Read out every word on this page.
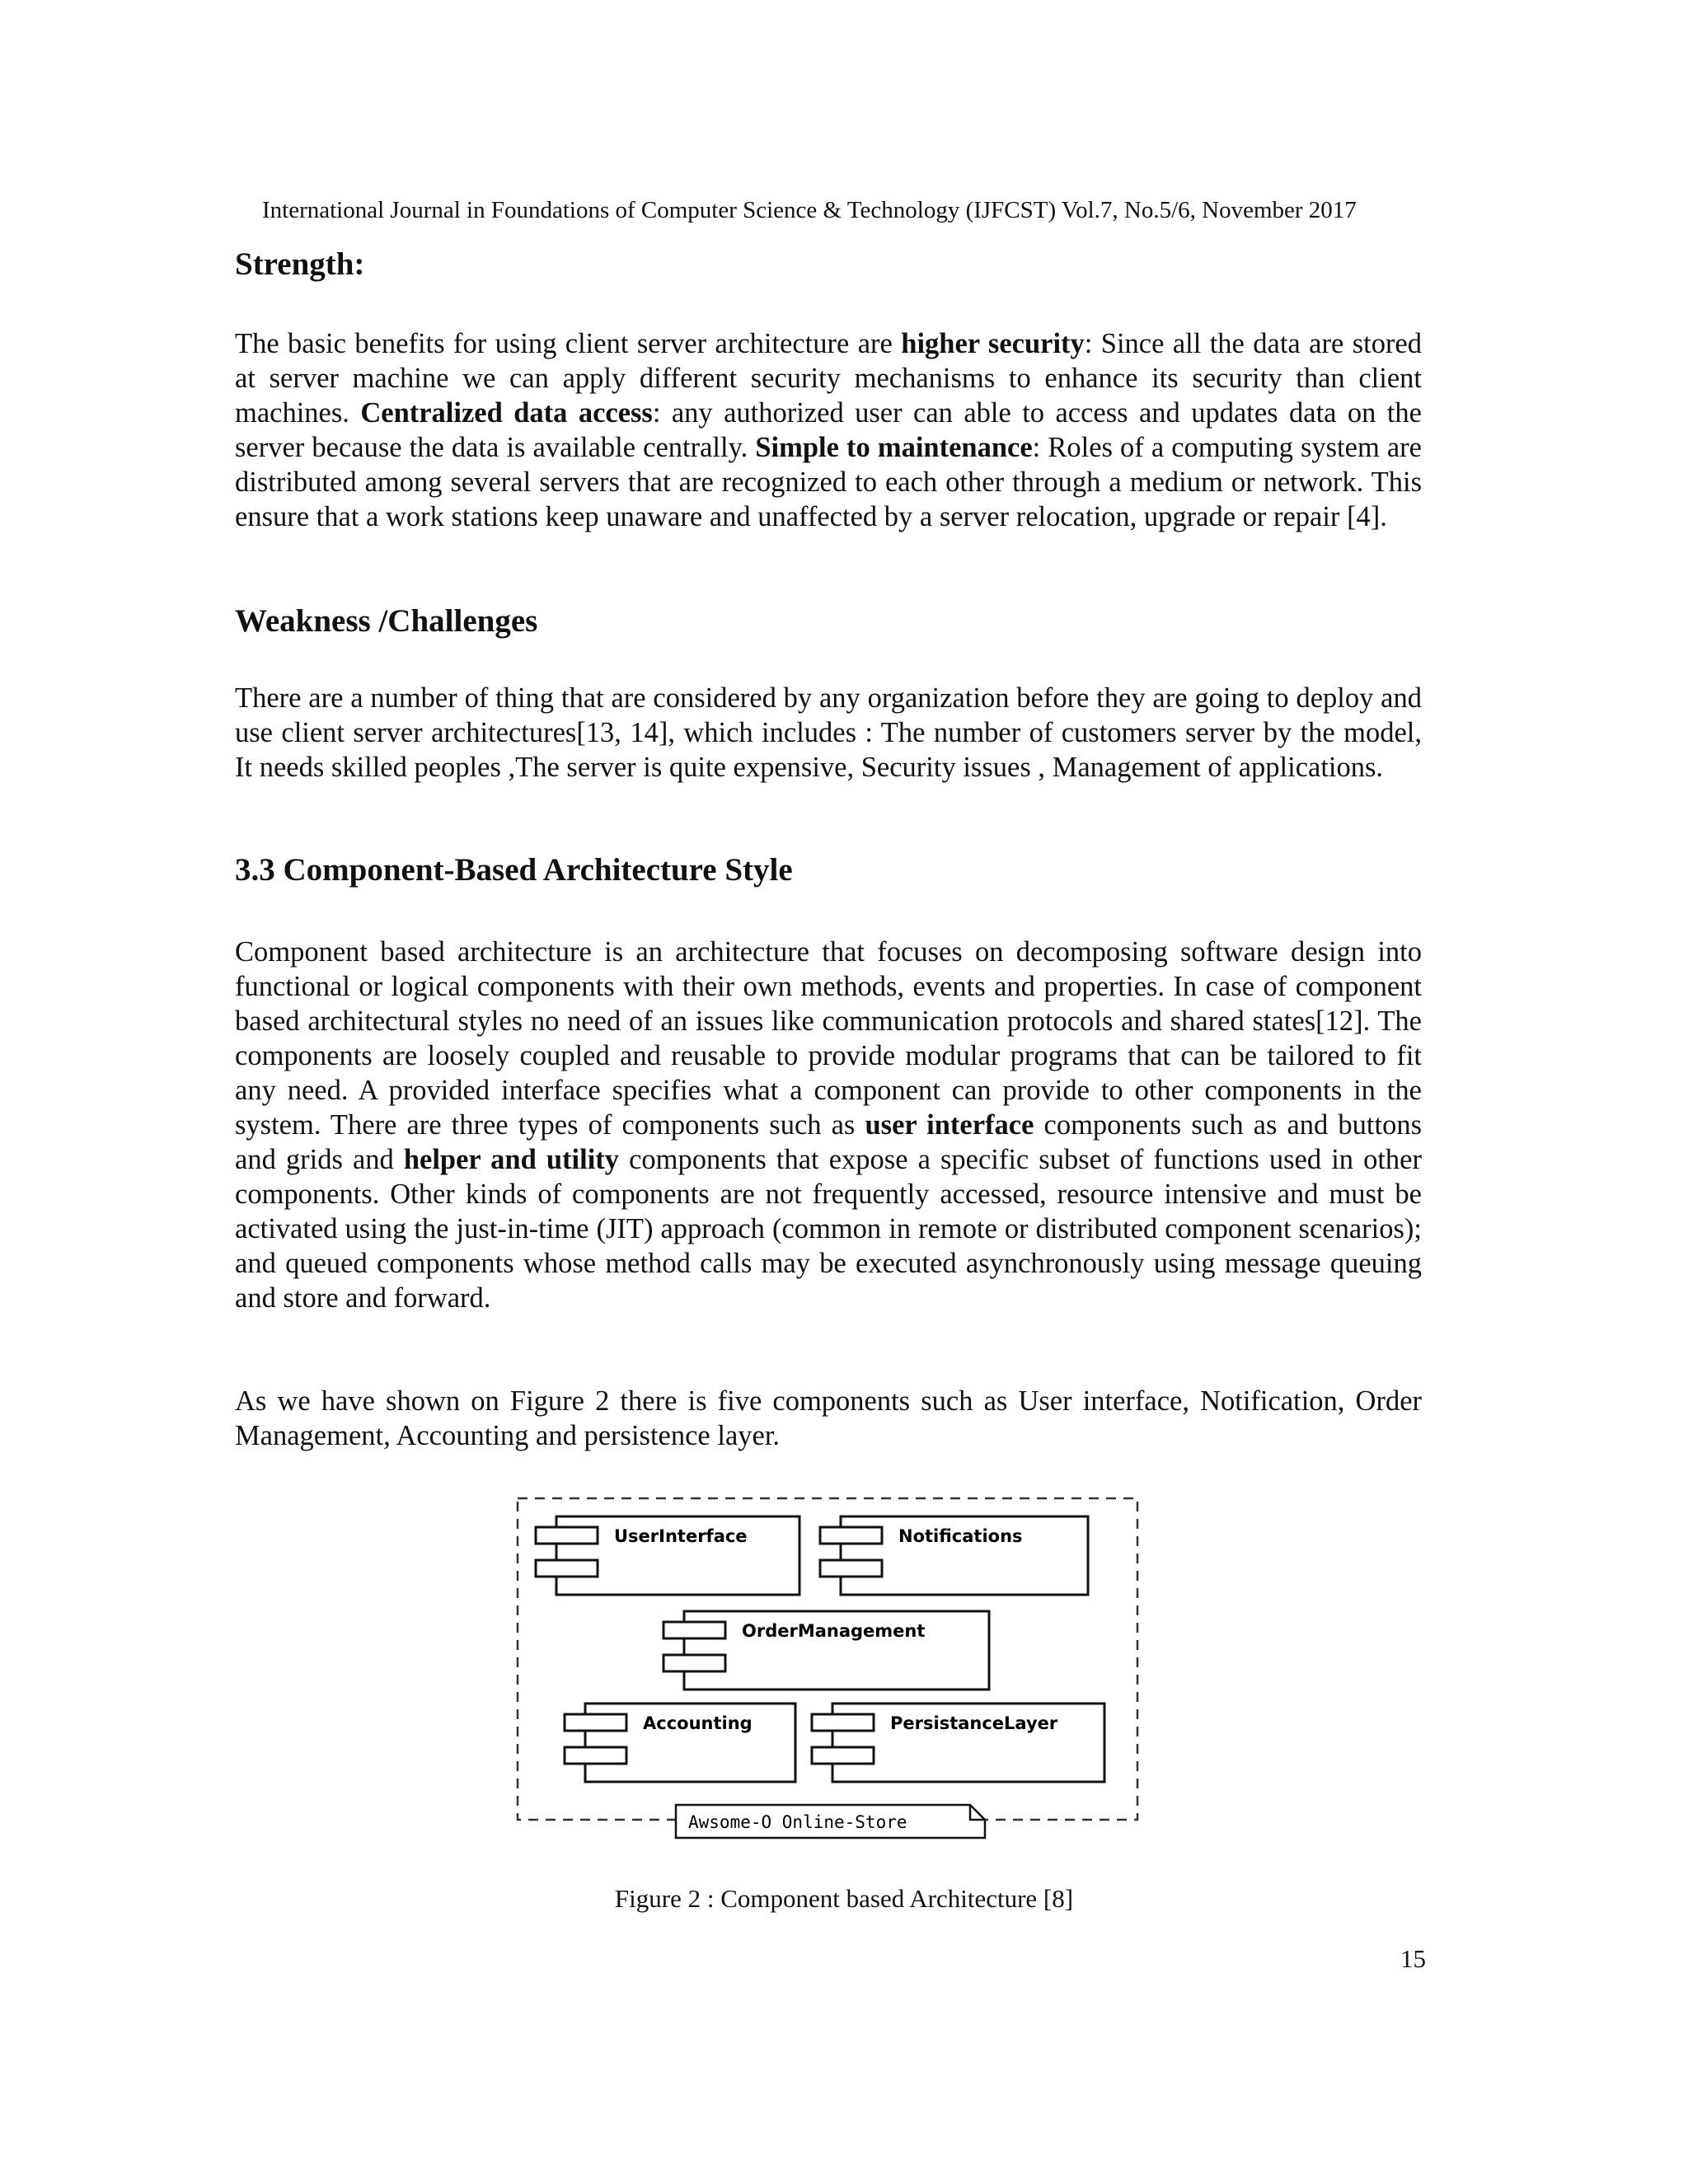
International Journal in Foundations of Computer Science & Technology (IJFCST) Vol.7, No.5/6, November 2017
Strength:

The basic benefits for using client server architecture are higher security: Since all the data are stored at server machine we can apply different security mechanisms to enhance its security than client machines. Centralized data access: any authorized user can able to access and updates data on the server because the data is available centrally. Simple to maintenance: Roles of a computing system are distributed among several servers that are recognized to each other through a medium or network. This ensure that a work stations keep unaware and unaffected by a server relocation, upgrade or repair [4].

Weakness /Challenges

There are a number of thing that are considered by any organization before they are going to deploy and use client server architectures[13, 14], which includes : The number of customers server by the model, It needs skilled peoples ,The server is quite expensive, Security issues , Management of applications.

3.3 Component-Based Architecture Style

Component based architecture is an architecture that focuses on decomposing software design into functional or logical components with their own methods, events and properties. In case of component based architectural styles no need of an issues like communication protocols and shared states[12]. The components are loosely coupled and reusable to provide modular programs that can be tailored to fit any need. A provided interface specifies what a component can provide to other components in the system. There are three types of components such as user interface components such as and buttons and grids and helper and utility components that expose a specific subset of functions used in other components. Other kinds of components are not frequently accessed, resource intensive and must be activated using the just-in-time (JIT) approach (common in remote or distributed component scenarios); and queued components whose method calls may be executed asynchronously using message queuing and store and forward.

As we have shown on Figure 2 there is five components such as User interface, Notification, Order Management, Accounting and persistence layer.

UserInterface	Notifications
OrderManagement
Accounting	PersistanceLayer
Awsome-O Online-Store
Figure 2 : Component based Architecture [8]
15
